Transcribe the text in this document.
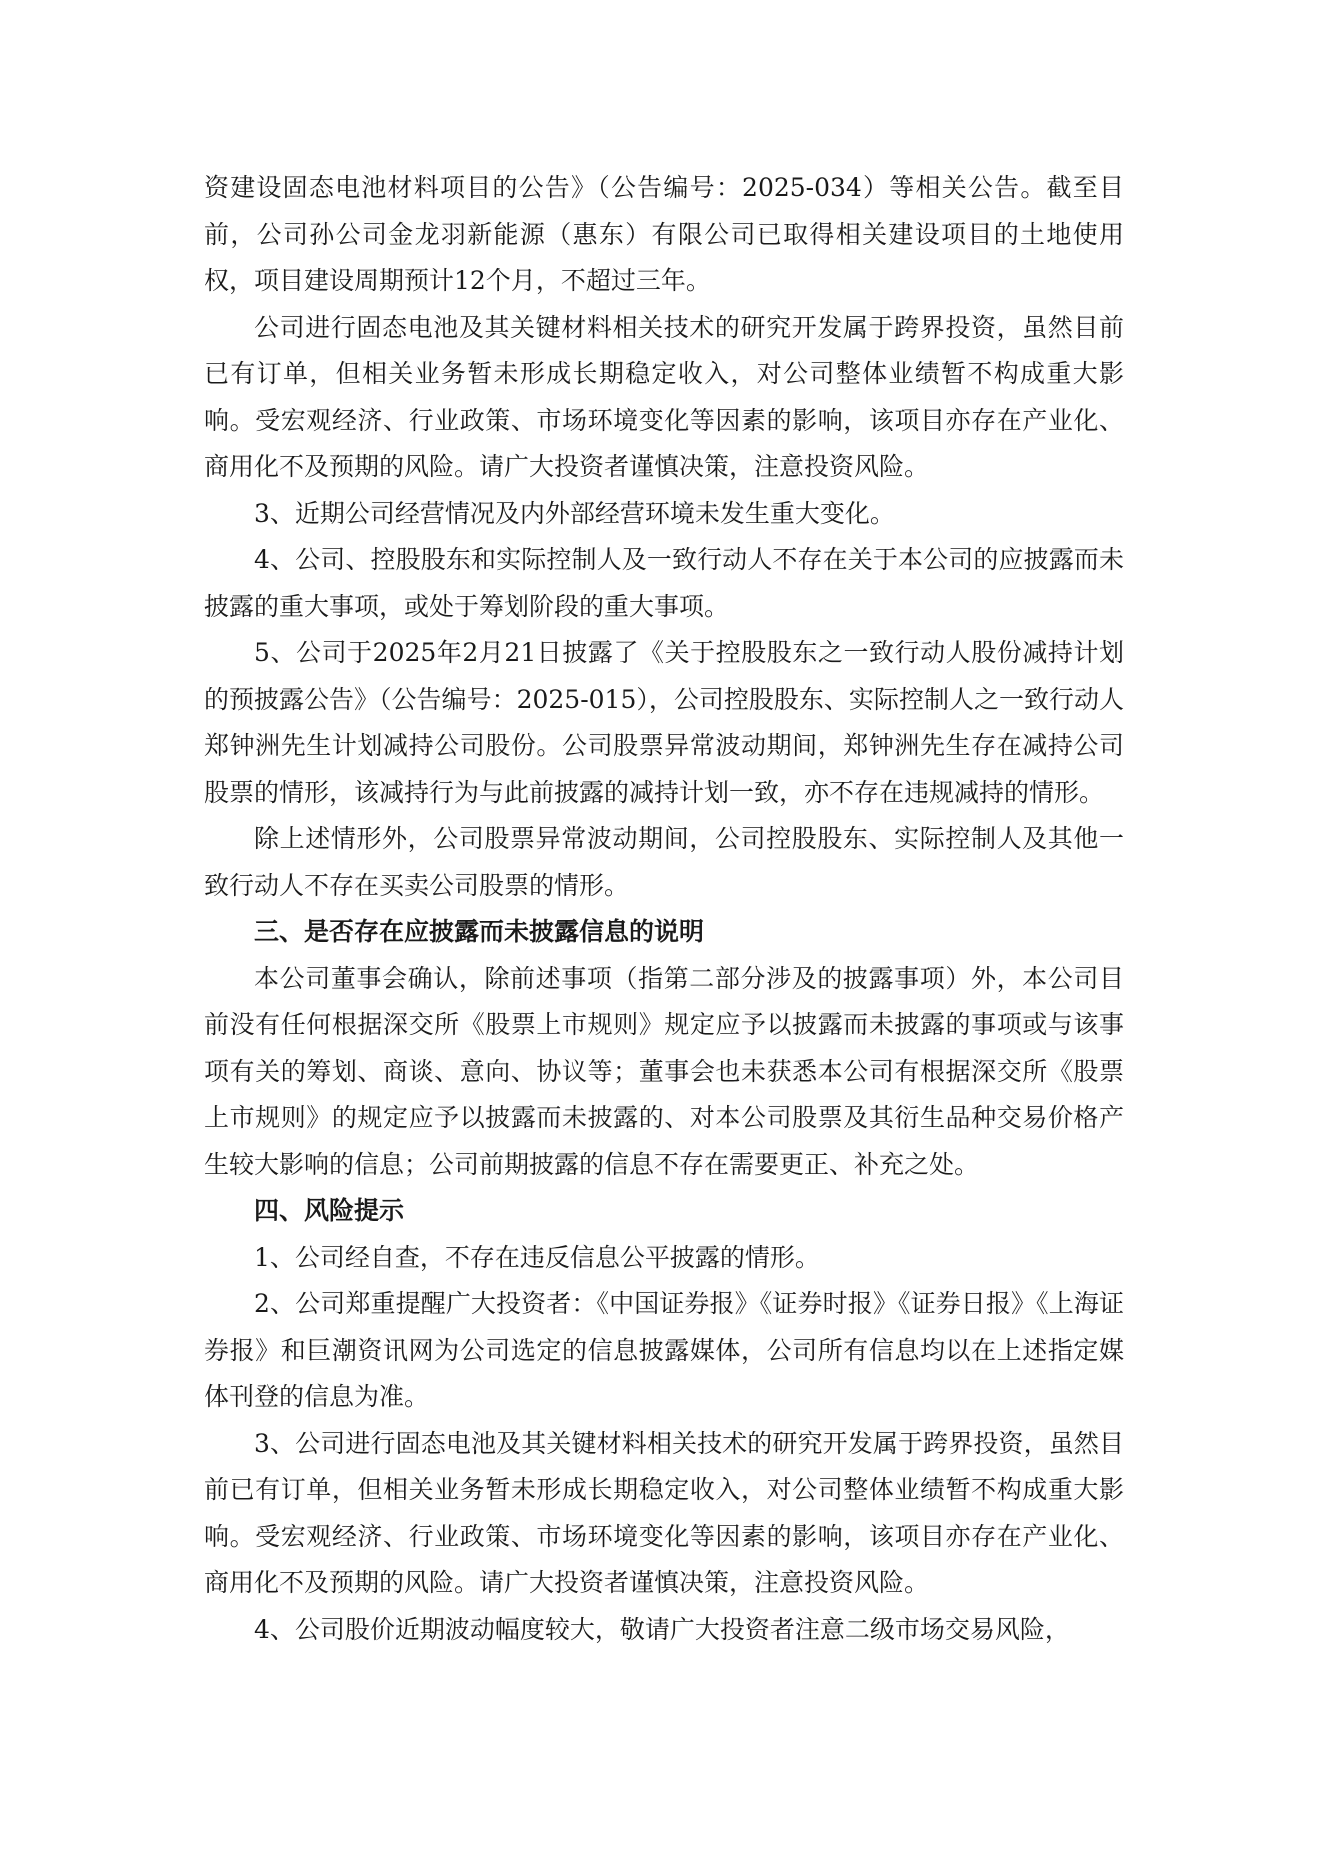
资建设固态电池材料项目的公告》（公告编号：2025-034）等相关公告。截至目前，公司孙公司金龙羽新能源（惠东）有限公司已取得相关建设项目的土地使用权，项目建设周期预计12个月，不超过三年。

公司进行固态电池及其关键材料相关技术的研究开发属于跨界投资，虽然目前已有订单，但相关业务暂未形成长期稳定收入，对公司整体业绩暂不构成重大影响。受宏观经济、行业政策、市场环境变化等因素的影响，该项目亦存在产业化、商用化不及预期的风险。请广大投资者谨慎决策，注意投资风险。

3、近期公司经营情况及内外部经营环境未发生重大变化。

4、公司、控股股东和实际控制人及一致行动人不存在关于本公司的应披露而未披露的重大事项，或处于筹划阶段的重大事项。

5、公司于2025年2月21日披露了《关于控股股东之一致行动人股份减持计划的预披露公告》（公告编号：2025-015），公司控股股东、实际控制人之一致行动人郑钟洲先生计划减持公司股份。公司股票异常波动期间，郑钟洲先生存在减持公司股票的情形，该减持行为与此前披露的减持计划一致，亦不存在违规减持的情形。

除上述情形外，公司股票异常波动期间，公司控股股东、实际控制人及其他一致行动人不存在买卖公司股票的情形。

三、是否存在应披露而未披露信息的说明

本公司董事会确认，除前述事项（指第二部分涉及的披露事项）外，本公司目前没有任何根据深交所《股票上市规则》规定应予以披露而未披露的事项或与该事项有关的筹划、商谈、意向、协议等；董事会也未获悉本公司有根据深交所《股票上市规则》的规定应予以披露而未披露的、对本公司股票及其衍生品种交易价格产生较大影响的信息；公司前期披露的信息不存在需要更正、补充之处。

四、风险提示

1、公司经自查，不存在违反信息公平披露的情形。

2、公司郑重提醒广大投资者：《中国证券报》《证券时报》《证券日报》《上海证券报》和巨潮资讯网为公司选定的信息披露媒体，公司所有信息均以在上述指定媒体刊登的信息为准。

3、公司进行固态电池及其关键材料相关技术的研究开发属于跨界投资，虽然目前已有订单，但相关业务暂未形成长期稳定收入，对公司整体业绩暂不构成重大影响。受宏观经济、行业政策、市场环境变化等因素的影响，该项目亦存在产业化、商用化不及预期的风险。请广大投资者谨慎决策，注意投资风险。

4、公司股价近期波动幅度较大，敬请广大投资者注意二级市场交易风险，
